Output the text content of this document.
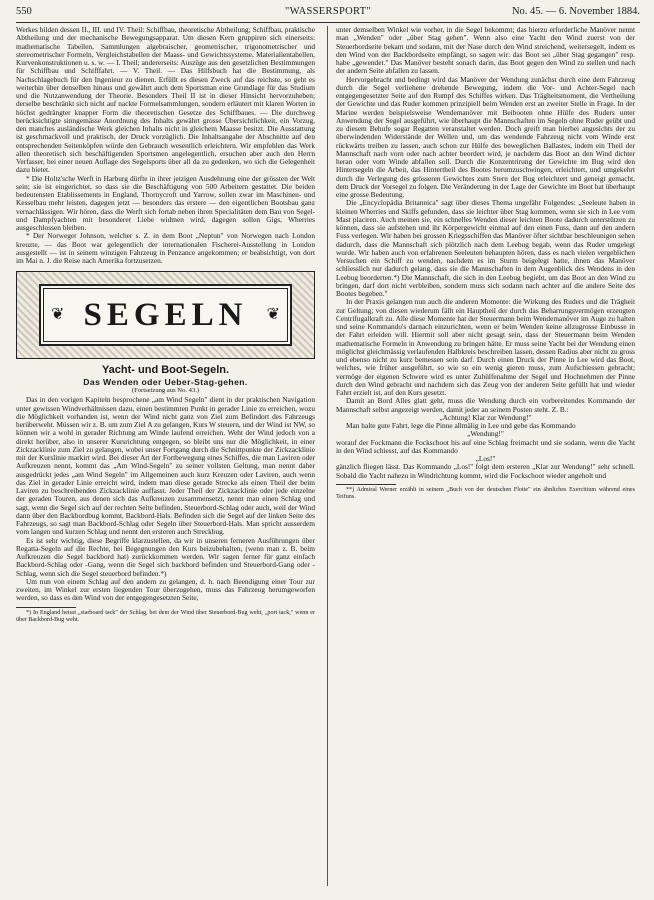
550	"WASSERSPORT"	No. 45. — 6. November 1884.

Werkes bilden dessen II., III. und IV. Theil: Schiffbau, theoretische Abtheilung; Schiffbau, praktische Abtheilung und der mechanische Bewegungsapparat. Um diesen Kern gruppiren sich einerseits: mathematische Tabellen, Sammlungen algebraischer, geometrischer, trigonometrischer und stereometrischer Formeln, Vergleichstabellen der Maass- und Gewichtssysteme, Materialientabellen, Kurvenkonstruktionen u. s. w. — I. Theil; andererseits: Auszüge aus den gesetzlichen Bestimmungen für Schiffbau und Schifffahrt. — V. Theil. — Das Hilfsbuch hat die Bestimmung, als Nachschlagebuch für den Ingenieur zu dienen. Erfüllt es diesen Zweck auf das reichste, so geht es weiterhin über denselben hinaus und gewährt auch dem Sportsman eine Grundlage für das Studium und die Nutzanwendung der Theorie. Besonders Theil II ist in dieser Hinsicht hervorzuheben; derselbe beschränkt sich nicht auf nackte Formelsammlungen, sondern erläutert mit klaren Worten in höchst gedrängter knapper Form die theoretischen Gesetze des Schiffbaues. — Die durchweg berücksichtigte sinngemässe Anordnung des Inhalts gewährt grosse Übersichtlichkeit, ein Vorzug, den manches ausländische Werk gleichen Inhalts nicht in gleichem Maasse besitzt. Die Ausstattung ist geschmackvoll und praktisch, der Druck vorzüglich. Die Inhaltsangabe der Abschnitte auf den entsprechenden Seitenköpfen würde den Gebrauch wesentlich erleichtern. Wir empfehlen das Werk allen theoretisch sich beschäftigenden Sportsmen angelegentlich, ersuchen aber auch den Herrn Verfasser, bei einer neuen Auflage des Segelsports über all da zu gedenken, wo sich die Gelegenheit dazu bietet.

* Die Holtz'sche Werft in Harburg dürfte in ihrer jetzigen Ausdehnung eine der grössten der Welt sein; sie ist eingerichtet, so dass sie die Beschäftigung von 500 Arbeitern gestattet. Die beiden bedeutensten Etablissements in England, Thornycroft und Yarrow, sollen zwar im Maschinen- und Kesselbau mehr leisten, dagegen jetzt — besonders das erstere — den eigentlichen Bootsbau ganz vernachlässigen. Wir hören, dass die Werft sich fortab neben ihren Specialitäten dem Bau von Segel- und Dampfyachten mit besonderer Liebe widmen wird, dagegen sollen Gigs, Wherries ausgeschlossen bleiben.

* Der Norweger Johnson, welcher s. Z. in dem Boot „Neptun" von Norwegen nach London kreuzte, — das Boot war gelegentlich der internationalen Fischerei-Ausstellung in London ausgestellt — ist in seinem winzigen Fahrzeug in Penzance angekommen; er beabsichtigt, von dort im Mai n. J. die Reise nach Amerika fortzusetzen.

❦ SEGELN	❦
Yacht- und Boot-Segeln.
Das Wenden oder Ueber-Stag-gehen.
(Fortsetzung aus No. 43.)

Das in den vorigen Kapiteln besprochene „am Wind Segeln" dient in der praktischen Navigation unter gewissen Windverhältnissen dazu, einen bestimmten Punkt in gerader Linie zu erreichen, wozu die Möglichkeit vorhanden ist, wenn der Wind nicht ganz von Ziel zum Befindort des Fahrzeugs herüberweht. Müssen wir z. B. um zum Ziel A zu gelangen, Kurs W steuern, und der Wind ist NW, so können wir a wohl in gerader Richtung am Winde laufend erreichen. Weht der Wind jedoch von a direkt herüber, also in unserer Kursrichtung entgegen, so bleibt uns nur die Möglichkeit, in einer Zickzacklinie zum Ziel zu gelangen, wobei unser Fortgang durch die Schnittpunkte der Zickzacklinie mit der Kurslinie markirt wird. Bei dieser Art der Fortbewegung eines Schiffes, die man Laviren oder Aufkreuzen nennt, kommt das „Am Wind-Segeln" zu seiner vollsten Geltung, man nennt daher ausgedrückt jedes „am Wind Segeln" im Allgemeinen auch kurz Kreuzen oder Laviren, auch wenn das Ziel in gerader Linie erreicht wird, indem man diese gerade Strecke als einen Theil der beim Laviren zu beschreibenden Zickzacklinie auffasst. Jeder Theil der Zickzacklinie oder jede einzelne der geraden Touren, aus denen sich das Aufkreuzen zusammensetzt, nennt man einen Schlag und sagt, wenn die Segel sich auf der rechten Seite befinden, Steuerbord-Schlag oder auch, weil der Wind dann über den Backbordbug kommt, Backbord-Hals. Befinden sich die Segel auf der linken Seite des Fahrzeugs, so sagt man Backbord-Schlag oder Segeln über Steuerbord-Hals. Man spricht ausserdem vom langen und kurzen Schlag und nennt den ersteren auch Streckbug.

Es ist sehr wichtig, diese Begriffe klarzustellen, da wir in unseren ferneren Ausführungen über Regatta-Segeln auf die Rechte, bei Begegnungen den Kurs beizubehalten, (wenn man z. B. beim Aufkreuzen die Segel backbord hat) zurückkommen werden. Wir sagen ferner für ganz einfach Backbord-Schlag oder -Gang, wenn die Segel sich backbord befinden und Steuerbord-Gang oder -Schlag, wenn sich die Segel steuerbord befinden.*)

Um nun von einem Schlag auf den andern zu gelangen, d. h. nach Beendigung einer Tour zur zweiten, im Winkel zur ersten liegenden Tour überzugehen, muss das Fahrzeug herumgeworfen werden, so dass es den Wind von der entgegengesetzten Seite,

*) In England heisst „starboard tack" der Schlag, bei dem der Wind über Steuerbord-Bug weht, „port tack," wenn er über Backbord-Bug weht.

unter demselben Winkel wie vorher, in die Segel bekommt; das hierzu erforderliche Manöver nennt man „Wenden" oder „über Stag gehen". Wenn also eine Yacht den Wind zuerst von der Steuerbordseite bekam und sodann, mit der Nase durch den Wind streichend, weitersegelt, indem es den Wind von der Backbordseite empfängt, so sagen wir: das Boot sei „über Stag gegangen" resp. habe „gewendet." Das Manöver besteht sonach darin, das Boot gegen den Wind zu stellen und nach der andern Seite abfallen zu lassen.

Hervorgebracht und bedingt wird das Manöver der Wendung zunächst durch eine dem Fahrzeug durch die Segel verliehene drehende Bewegung, indem die Vor- und Achter-Segel nach entgegengesetzter Seite auf den Rumpf des Schiffes wirken. Das Trägheitsmoment, die Vertheilung der Gewichte und das Ruder kommen prinzipiell beim Wenden erst an zweiter Stelle in Frage. In der Marine werden beispielsweise Wendemanöver mit Beibooten ohne Hülfe des Ruders unter Anwendung der Segel ausgeführt, wie überhaupt die Mannschaften im Segeln ohne Ruder geübt und zu diesem Behufe sogar Regatten veranstaltet werden. Doch greift man hierbei angesichts der zu überwindenden Widerstände der Wellen und, um das wendende Fahrzeug nicht vom Winde erst rückwärts treiben zu lassen, auch schon zur Hülfe des beweglichen Ballastes, indem ein Theil der Mannschaft nach vorn oder nach achter beordert wird, je nachdem das Boot an den Wind dichter heran oder vom Winde abfallen soll. Durch die Konzentrirung der Gewichte im Bug wird den Hintersegeln die Arbeit, das Hintertheil des Bootes herumzuschwingen, erleichtert, und umgekehrt durch die Verlegung des grösseren Gewichtes zum Stern der Bug erleichtert und geneigt gemacht, dem Druck der Vorsegel zu folgen. Die Veränderung in der Lage der Gewichte im Boot hat überhaupt eine grosse Bedeutung.

Die „Encyclopädia Britannica" sagt über dieses Thema ungefähr Folgendes: „Seeleute haben in kleinen Wherries und Skiffs gefunden, dass sie leichter über Stag kommen, wenn sie sich in Lee vom Mast placiren. Auch meinen sie, ein schnelles Wenden dieser leichten Boote dadurch unterstützen zu können, dass sie aufstehen und ihr Körpergewicht einmal auf den einen Fuss, dann auf den andern Fuss verlegen. Wir haben bei grossen Kriegsschiffen das Manöver öfter sichtbar beschleunigen sehen dadurch, dass die Mannschaft sich plötzlich nach dem Leebug begab, wenn das Ruder umgelegt wurde. Wir haben auch von erfahrenen Seeleuten behaupten hören, dass es nach vielen vergeblichen Versuchen ein Schiff zu wenden, nachdem es im Sturm beigelegt hatte, ihnen das Manöver schliesslich nur dadurch gelang, dass sie die Mannschaften in dem Augenblick des Wendens in den Leebug beorderten.*) Die Mannschaft, die sich in den Leebug begiebt, um das Boot an den Wind zu bringen, darf dort nicht verbleiben, sondern muss sich sodann nach achter auf die andere Seite des Bootes begeben."

In der Praxis gelangen nun auch die anderen Momente: die Wirkung des Ruders und die Trägheit zur Geltung; von diesen wiederum fällt ein Hauptheil der durch das Beharrungsvermögen erzeugten Centrifugalkraft zu. Alle diese Momente hat der Steuermann beim Wendemanöver im Auge zu halten und seine Kommando's darnach einzurichten, wenn er beim Wenden keine allzugrosse Einbusse in der Fahrt erleiden will. Hiermit soll aber nicht gesagt sein, dass der Steuermann beim Wenden mathematische Formeln in Anwendung zu bringen hätte. Er muss seine Yacht bei der Wendung einen möglichst gleichmässig verlaufenden Halbkreis beschreiben lassen, dessen Radius aber nicht zu gross und ebenso nicht zu kurz bemessen sein darf. Durch einen Druck der Pinne in Lee wird das Boot, welches, wie früher ausgeführt, so wie so ein wenig gieren muss, zum Aufschiessen gebracht; vermöge der eigenen Schwere wird es unter Zuhülfenahme der Segel und Hochnehmen der Pinne durch den Wind gebracht und nachdem sich das Zeug von der anderen Seite gefüllt hat und wieder Fahrt erzielt ist, auf den Kurs gesetzt.

Damit an Bord Alles glatt geht, muss die Wendung durch ein vorbereitendes Kommando der Mannschaft selbst angezeigt werden, damit jeder an seinem Posten steht. Z. B.:

„Achtung! Klar zur Wendung!"

Man halte gute Fahrt, lege die Pinne allmälig in Lee und gebe das Kommando

„Wendung!"

worauf der Fockmann die Fockschoot bis auf eine Schlag freimacht und sie sodann, wenn die Yacht in den Wind schiesst, auf das Kommando

„Los!"

gänzlich fliegen lässt. Das Kommando „Los!" folgt dem ersteren „Klar zur Wendung!" sehr schnell. Sobald die Yacht nahezu in Windrichtung kommt, wird die Fockschoot wieder angeholt und

**) Admiral Werner erzählt in seinem „Buch von der deutschen Flotte" ein ähnliches Exercitium während eines Teifuns.
